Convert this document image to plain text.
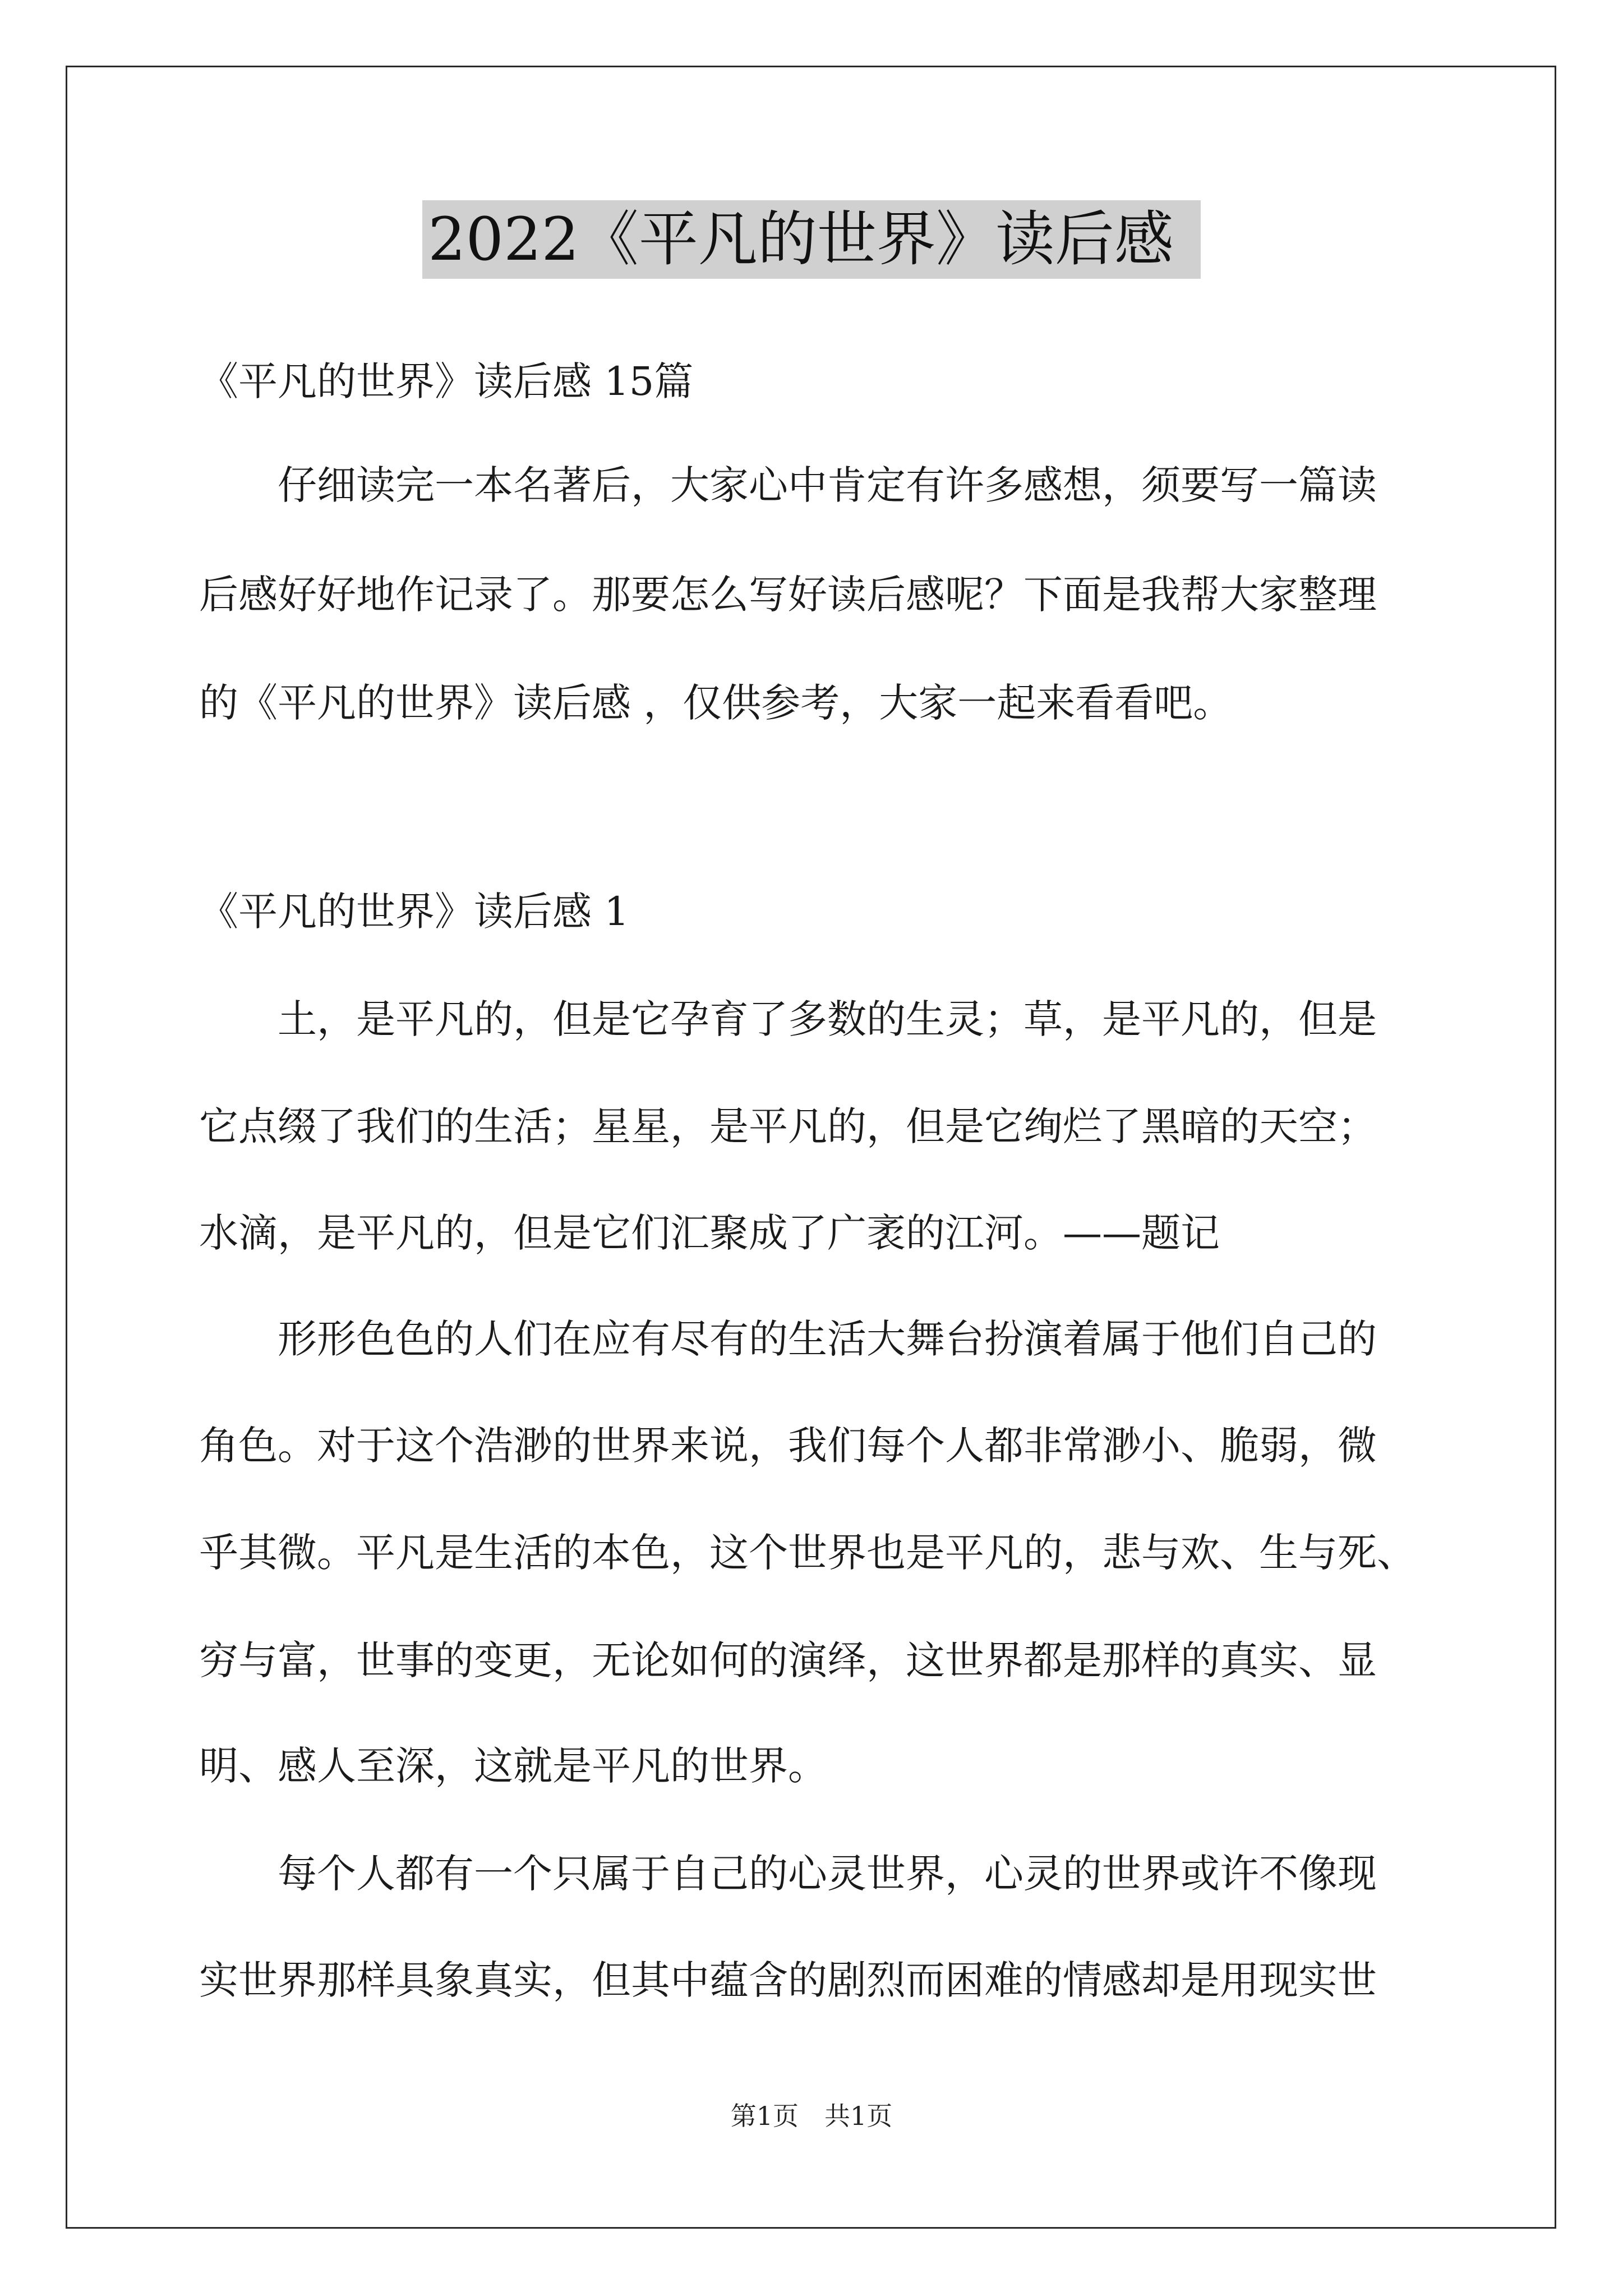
2022《平凡的世界》读后感
《平凡的世界》读后感 15篇
　　仔细读完一本名著后，大家心中肯定有许多感想，须要写一篇读
后感好好地作记录了。那要怎么写好读后感呢？下面是我帮大家整理
的《平凡的世界》读后感 ，仅供参考，大家一起来看看吧。
《平凡的世界》读后感 1
　　土，是平凡的，但是它孕育了多数的生灵；草，是平凡的，但是
它点缀了我们的生活；星星，是平凡的，但是它绚烂了黑暗的天空；
水滴，是平凡的，但是它们汇聚成了广袤的江河。——题记
　　形形色色的人们在应有尽有的生活大舞台扮演着属于他们自己的
角色。对于这个浩渺的世界来说，我们每个人都非常渺小、脆弱，微
乎其微。平凡是生活的本色，这个世界也是平凡的，悲与欢、生与死、
穷与富，世事的变更，无论如何的演绎，这世界都是那样的真实、显
明、感人至深，这就是平凡的世界。
　　每个人都有一个只属于自己的心灵世界，心灵的世界或许不像现
实世界那样具象真实，但其中蕴含的剧烈而困难的情感却是用现实世
第1页　共1页
